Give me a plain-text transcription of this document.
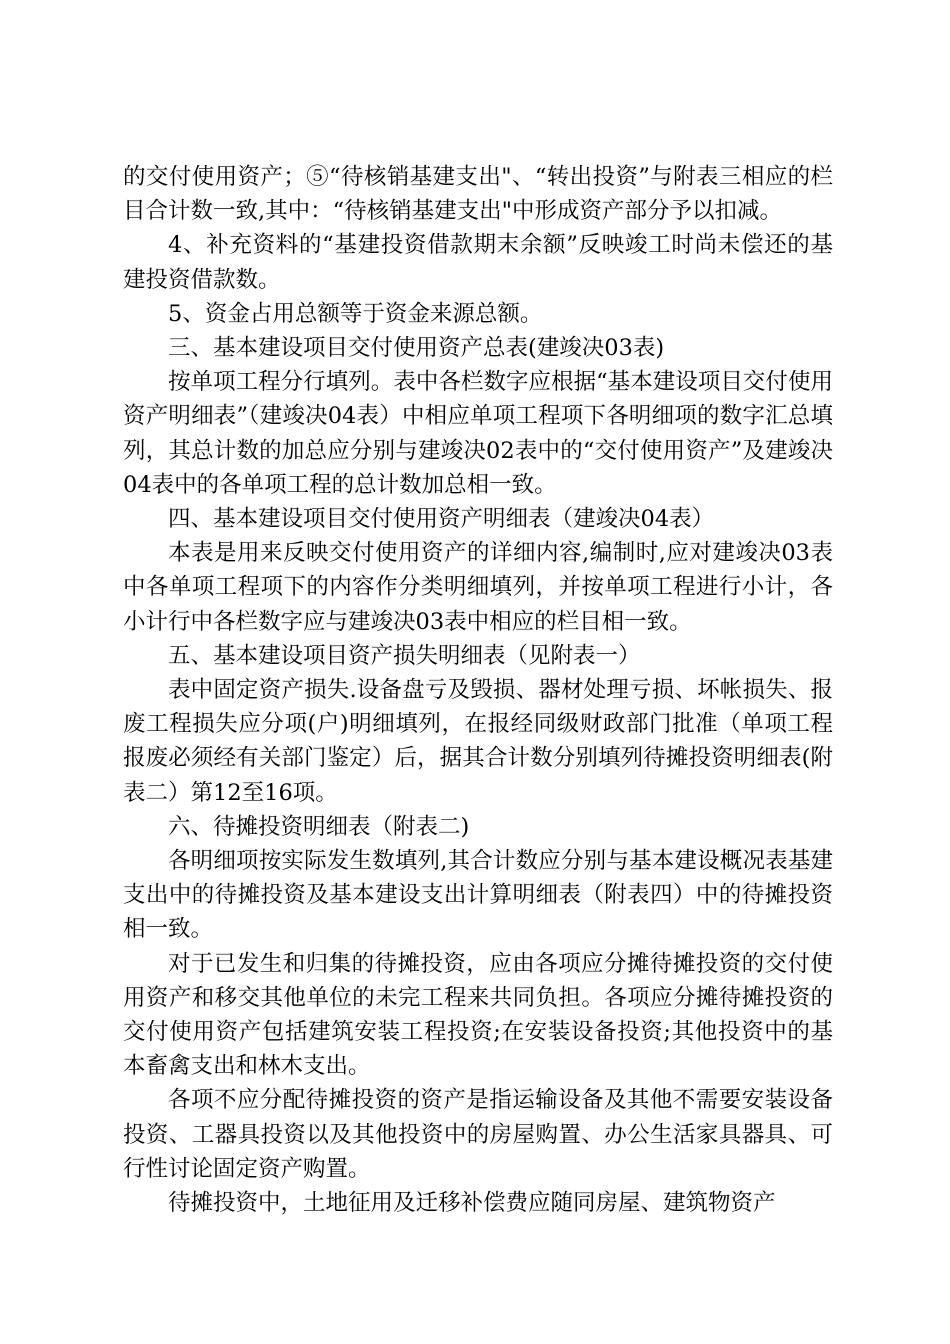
的交付使用资产；⑤“待核销基建支出"、“转出投资”与附表三相应的栏目合计数一致,其中：“待核销基建支出"中形成资产部分予以扣减。

4、补充资料的“基建投资借款期末余额”反映竣工时尚未偿还的基建投资借款数。

5、资金占用总额等于资金来源总额。

三、基本建设项目交付使用资产总表(建竣决03表)

按单项工程分行填列。表中各栏数字应根据“基本建设项目交付使用资产明细表”（建竣决04表）中相应单项工程项下各明细项的数字汇总填列，其总计数的加总应分别与建竣决02表中的“交付使用资产”及建竣决04表中的各单项工程的总计数加总相一致。

四、基本建设项目交付使用资产明细表（建竣决04表）

本表是用来反映交付使用资产的详细内容,编制时,应对建竣决03表中各单项工程项下的内容作分类明细填列，并按单项工程进行小计，各小计行中各栏数字应与建竣决03表中相应的栏目相一致。

五、基本建设项目资产损失明细表（见附表一）

表中固定资产损失.设备盘亏及毁损、器材处理亏损、坏帐损失、报废工程损失应分项(户)明细填列，在报经同级财政部门批准（单项工程报废必须经有关部门鉴定）后，据其合计数分别填列待摊投资明细表(附表二）第12至16项。

六、待摊投资明细表（附表二)

各明细项按实际发生数填列,其合计数应分别与基本建设概况表基建支出中的待摊投资及基本建设支出计算明细表（附表四）中的待摊投资相一致。

对于已发生和归集的待摊投资，应由各项应分摊待摊投资的交付使用资产和移交其他单位的未完工程来共同负担。各项应分摊待摊投资的交付使用资产包括建筑安装工程投资;在安装设备投资;其他投资中的基本畜禽支出和林木支出。

各项不应分配待摊投资的资产是指运输设备及其他不需要安装设备投资、工器具投资以及其他投资中的房屋购置、办公生活家具器具、可行性讨论固定资产购置。

待摊投资中，土地征用及迁移补偿费应随同房屋、建筑物资产
